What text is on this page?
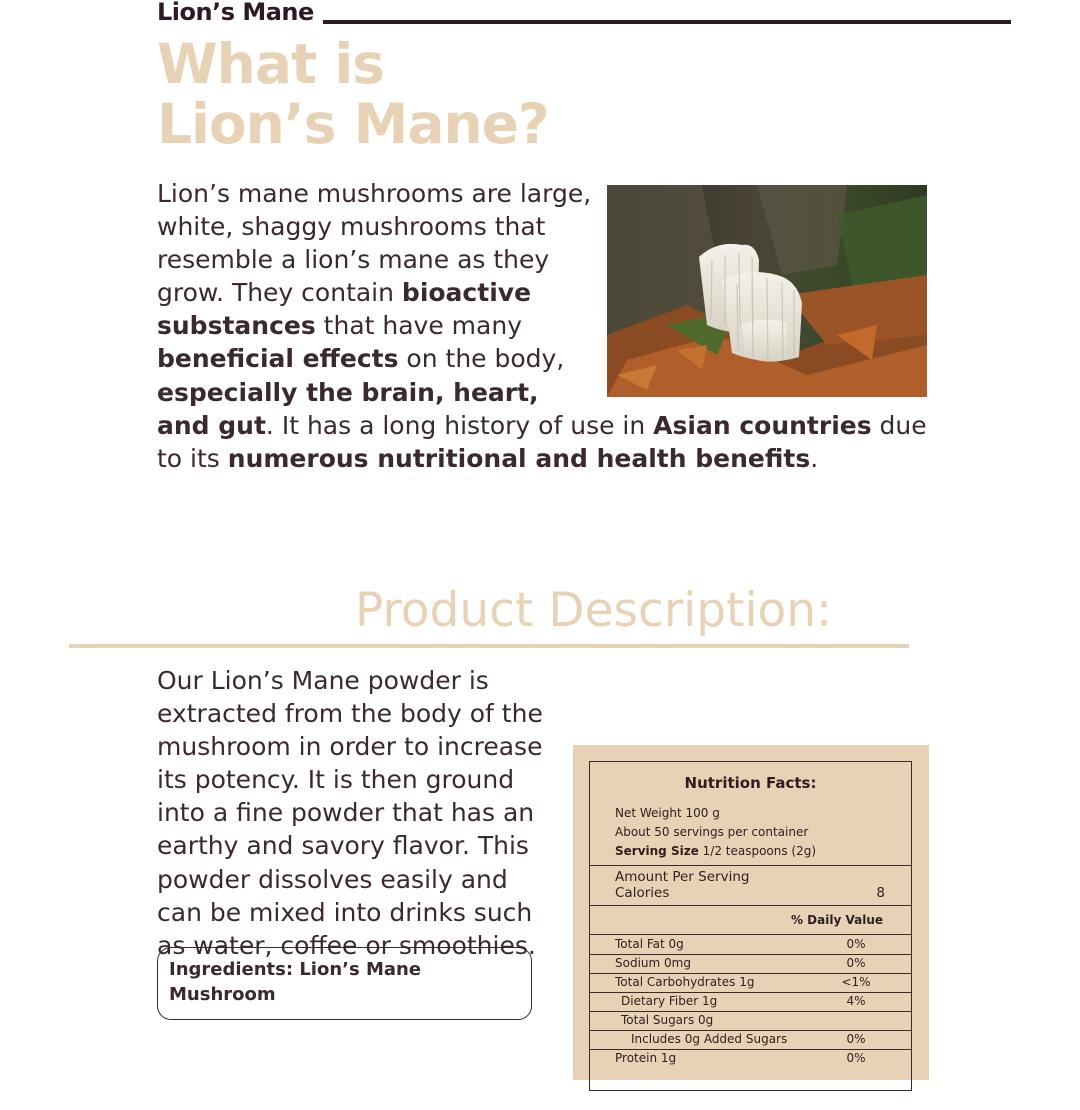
Lion’s Mane
What is
Lion’s Mane?

Lion’s mane mushrooms are large, white, shaggy mushrooms that resemble a lion’s mane as they grow. They contain bioactive substances that have many beneficial effects on the body, especially the brain, heart, and gut. It has a long history of use in Asian countries due to its numerous nutritional and health benefits.

Product Description:

Our Lion’s Mane powder is extracted from the body of the mushroom in order to increase its potency. It is then ground into a fine powder that has an earthy and savory flavor. This powder dissolves easily and can be mixed into drinks such as water, coffee or smoothies.

Ingredients: Lion’s Mane Mushroom
Nutrition Facts:
Net Weight 100 g
About 50 servings per container
Serving Size 1/2 teaspoons (2g)
Amount Per Serving
Calories	8
% Daily Value
Total Fat 0g	0%
Sodium 0mg	0%
Total Carbohydrates 1g	<1%
Dietary Fiber 1g	4%
Total Sugars 0g
Includes 0g Added Sugars	0%
Protein 1g	0%
